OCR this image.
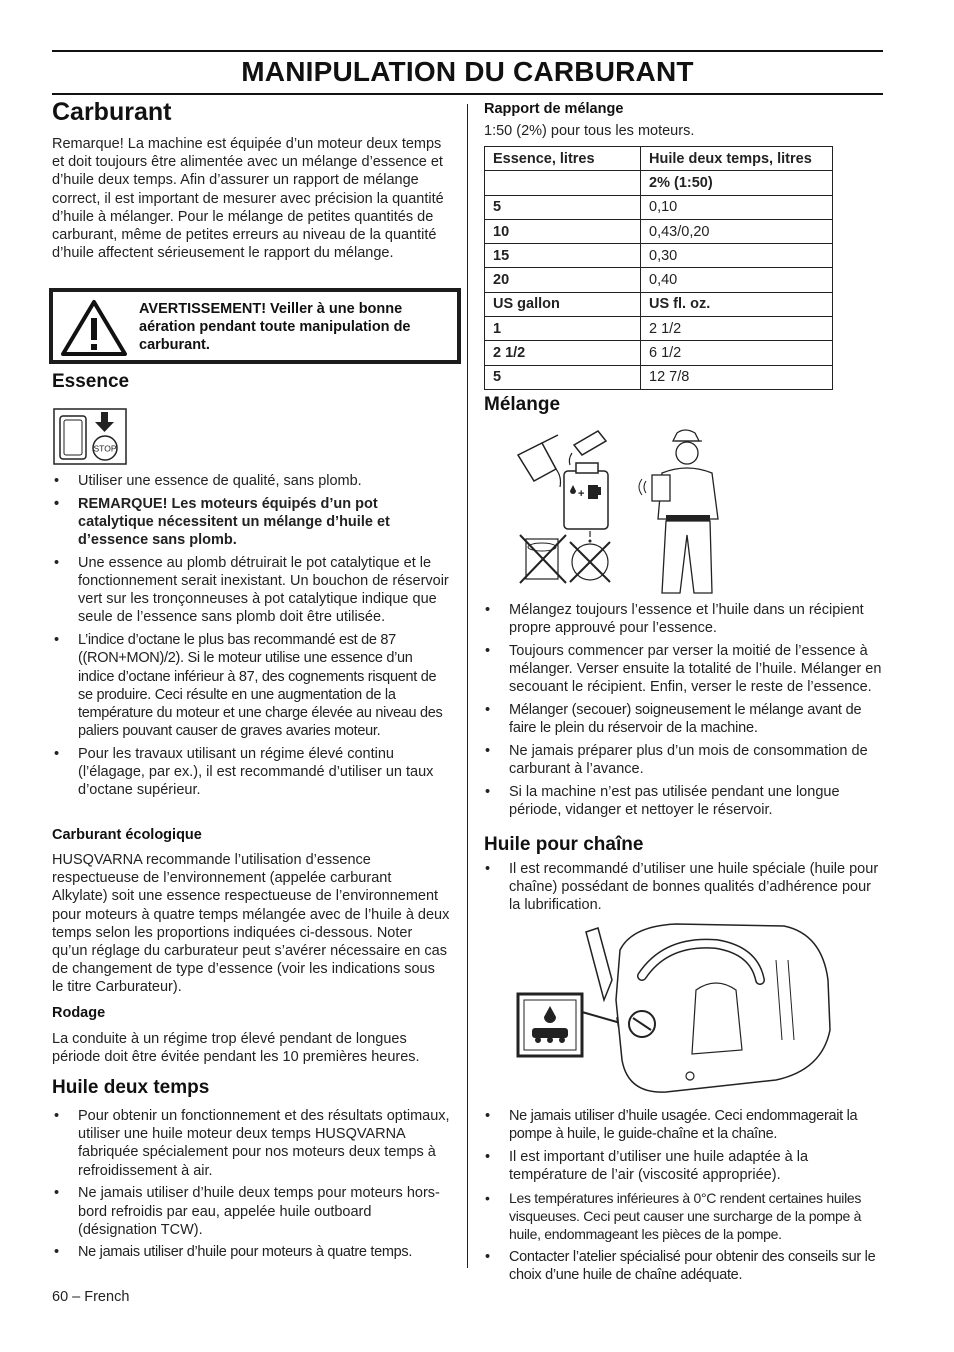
MANIPULATION DU CARBURANT
Carburant
Remarque! La machine est équipée d’un moteur deux temps et doit toujours être alimentée avec un mélange d’essence et d’huile deux temps. Afin d’assurer un rapport de mélange correct, il est important de mesurer avec précision la quantité d’huile à mélanger. Pour le mélange de petites quantités de carburant, même de petites erreurs au niveau de la quantité d’huile affectent sérieusement le rapport du mélange.
AVERTISSEMENT! Veiller à une bonne aération pendant toute manipulation de carburant.
Essence
STOP
• Utiliser une essence de qualité, sans plomb.
• REMARQUE! Les moteurs équipés d’un pot catalytique nécessitent un mélange d’huile et d’essence sans plomb.
• Une essence au plomb détruirait le pot catalytique et le fonctionnement serait inexistant. Un bouchon de réservoir vert sur les tronçonneuses à pot catalytique indique que seule de l’essence sans plomb doit être utilisée.
• L’indice d’octane le plus bas recommandé est de 87 ((RON+MON)/2). Si le moteur utilise une essence d’un indice d’octane inférieur à 87, des cognements risquent de se produire. Ceci résulte en une augmentation de la température du moteur et une charge élevée au niveau des paliers pouvant causer de graves avaries moteur.
• Pour les travaux utilisant un régime élevé continu (l’élagage, par ex.), il est recommandé d’utiliser un taux d’octane supérieur.
Carburant écologique
HUSQVARNA recommande l’utilisation d’essence respectueuse de l’environnement (appelée carburant Alkylate) soit une essence respectueuse de l’environnement pour moteurs à quatre temps mélangée avec de l’huile à deux temps selon les proportions indiquées ci-dessous. Noter qu’un réglage du carburateur peut s’avérer nécessaire en cas de changement de type d’essence (voir les indications sous le titre Carburateur).
Rodage
La conduite à un régime trop élevé pendant de longues période doit être évitée pendant les 10 premières heures.
Huile deux temps
• Pour obtenir un fonctionnement et des résultats optimaux, utiliser une huile moteur deux temps HUSQVARNA fabriquée spécialement pour nos moteurs deux temps à refroidissement à air.
• Ne jamais utiliser d’huile deux temps pour moteurs hors-bord refroidis par eau, appelée huile outboard (désignation TCW).
• Ne jamais utiliser d’huile pour moteurs à quatre temps.
60 – French
Rapport de mélange
1:50 (2%) pour tous les moteurs.
Essence, litres	Huile deux temps, litres
	2% (1:50)
5	0,10
10	0,43/0,20
15	0,30
20	0,40
US gallon	US fl. oz.
1	2 1/2
2 1/2	6 1/2
5	12 7/8
Mélange
+
• Mélangez toujours l’essence et l’huile dans un récipient propre approuvé pour l’essence.
• Toujours commencer par verser la moitié de l’essence à mélanger. Verser ensuite la totalité de l’huile. Mélanger en secouant le récipient. Enfin, verser le reste de l’essence.
• Mélanger (secouer) soigneusement le mélange avant de faire le plein du réservoir de la machine.
• Ne jamais préparer plus d’un mois de consommation de carburant à l’avance.
• Si la machine n’est pas utilisée pendant une longue période, vidanger et nettoyer le réservoir.
Huile pour chaîne
• Il est recommandé d’utiliser une huile spéciale (huile pour chaîne) possédant de bonnes qualités d’adhérence pour la lubrification.
• Ne jamais utiliser d’huile usagée. Ceci endommagerait la pompe à huile, le guide-chaîne et la chaîne.
• Il est important d’utiliser une huile adaptée à la température de l’air (viscosité appropriée).
• Les températures inférieures à 0°C rendent certaines huiles visqueuses. Ceci peut causer une surcharge de la pompe à huile, endommageant les pièces de la pompe.
• Contacter l’atelier spécialisé pour obtenir des conseils sur le choix d’une huile de chaîne adéquate.
